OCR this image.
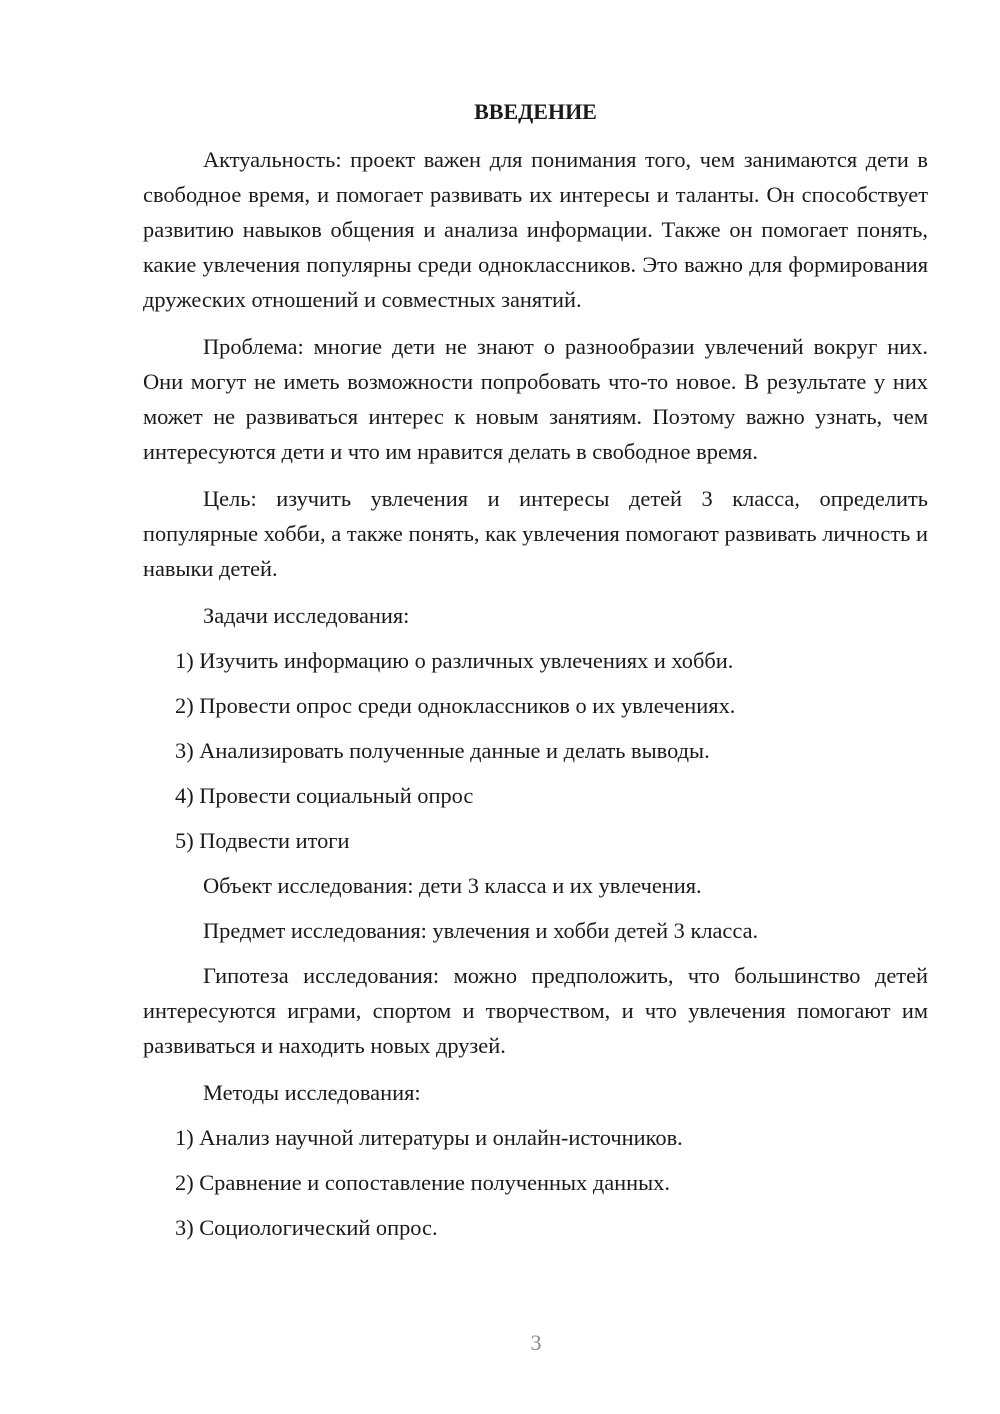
ВВЕДЕНИЕ

Актуальность: проект важен для понимания того, чем занимаются дети в свободное время, и помогает развивать их интересы и таланты. Он способствует развитию навыков общения и анализа информации. Также он помогает понять, какие увлечения популярны среди одноклассников. Это важно для формирования дружеских отношений и совместных занятий.

Проблема: многие дети не знают о разнообразии увлечений вокруг них. Они могут не иметь возможности попробовать что-то новое. В результате у них может не развиваться интерес к новым занятиям. Поэтому важно узнать, чем интересуются дети и что им нравится делать в свободное время.

Цель: изучить увлечения и интересы детей 3 класса, определить популярные хобби, а также понять, как увлечения помогают развивать личность и навыки детей.

Задачи исследования:

1) Изучить информацию о различных увлечениях и хобби.
2) Провести опрос среди одноклассников о их увлечениях.
3) Анализировать полученные данные и делать выводы.
4) Провести социальный опрос
5) Подвести итоги

Объект исследования: дети 3 класса и их увлечения.

Предмет исследования: увлечения и хобби детей 3 класса.

Гипотеза исследования: можно предположить, что большинство детей интересуются играми, спортом и творчеством, и что увлечения помогают им развиваться и находить новых друзей.

Методы исследования:

1) Анализ научной литературы и онлайн-источников.
2) Сравнение и сопоставление полученных данных.
3) Социологический опрос.
3
